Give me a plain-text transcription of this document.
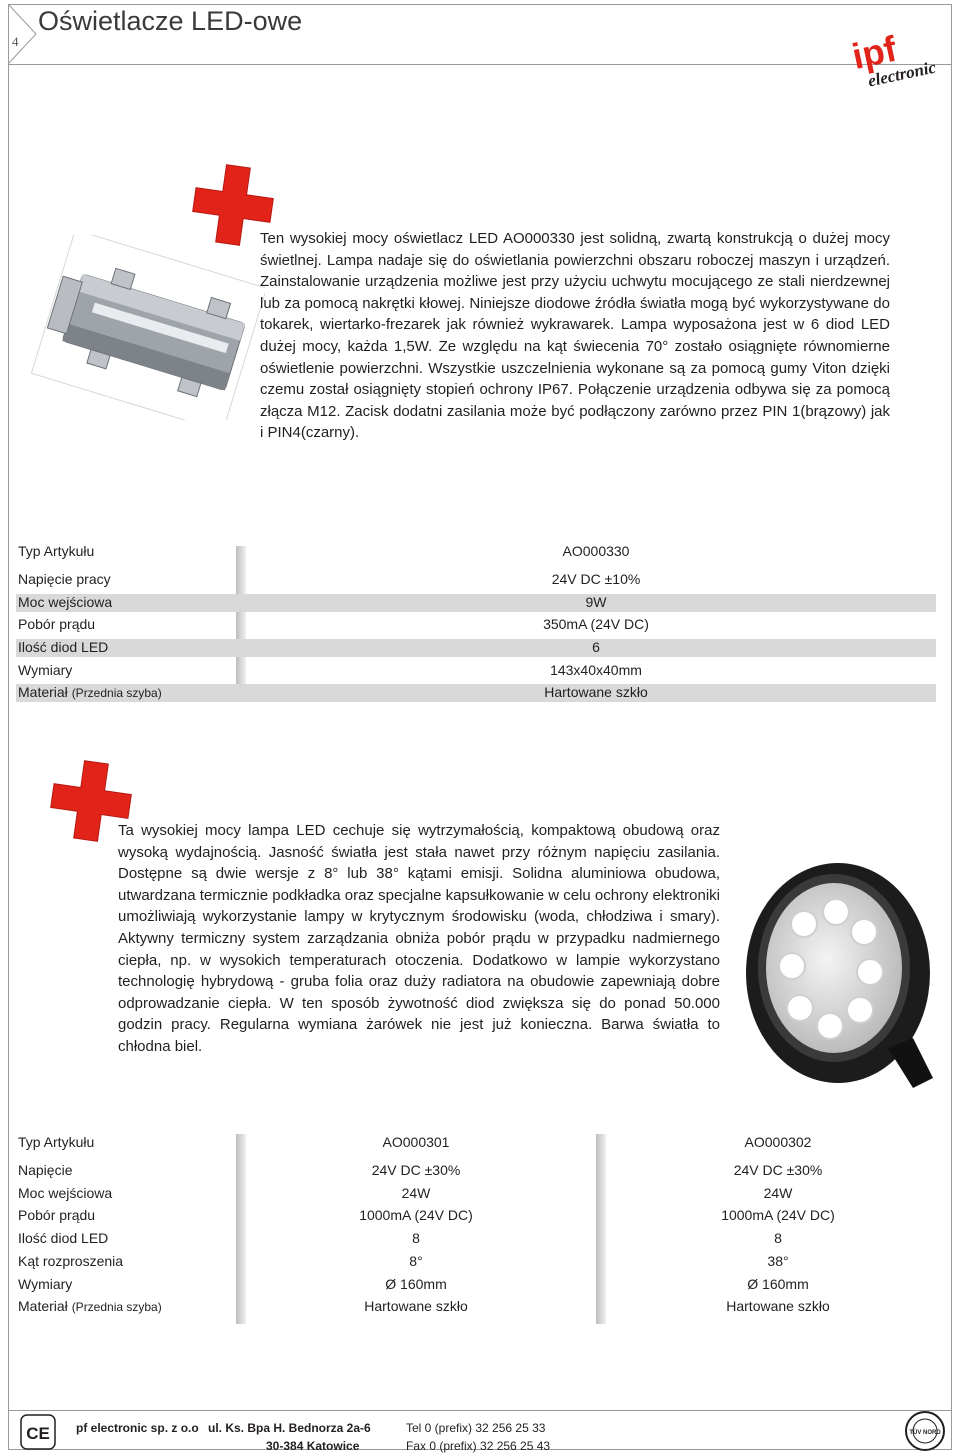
4
Oświetlacze LED-owe
ipf
electronic
Ten wysokiej mocy oświetlacz LED AO000330 jest solidną, zwartą konstrukcją o dużej mocy świetlnej. Lampa nadaje się do oświetlania powierzchni obszaru roboczej maszyn i urządzeń. Zainstalowanie urządzenia możliwe jest przy użyciu uchwytu mocującego ze stali nierdzewnej lub za pomocą nakrętki kłowej. Niniejsze diodowe źródła światła mogą być wykorzystywane do tokarek, wiertarko-frezarek jak również wykrawarek. Lampa wyposażona jest w 6 diod LED dużej mocy, każda 1,5W. Ze względu na kąt świecenia 70° zostało osiągnięte równomierne oświetlenie powierzchni. Wszystkie uszczelnienia wykonane są za pomocą gumy Viton dzięki czemu został osiągnięty stopień ochrony IP67. Połączenie urządzenia odbywa się za pomocą złącza M12. Zacisk dodatni zasilania może być podłączony zarówno przez PIN 1(brązowy) jak i PIN4(czarny).
Typ Artykułu	AO000330
Napięcie pracy	24V DC ±10%
Moc wejściowa	9W
Pobór prądu	350mA (24V DC)
Ilość diod LED	6
Wymiary	143x40x40mm
Materiał (Przednia szyba)	Hartowane szkło
Ta wysokiej mocy lampa LED cechuje się wytrzymałością, kompaktową obudową oraz wysoką wydajnością. Jasność światła jest stała nawet przy różnym napięciu zasilania. Dostępne są dwie wersje z 8° lub 38° kątami emisji. Solidna aluminiowa obudowa, utwardzana termicznie podkładka oraz specjalne kapsułkowanie w celu ochrony elektroniki umożliwiają wykorzystanie lampy w krytycznym środowisku (woda, chłodziwa i smary). Aktywny termiczny system zarządzania obniża pobór prądu w przypadku nadmiernego ciepła, np. w wysokich temperaturach otoczenia. Dodatkowo w lampie wykorzystano technologię hybrydową - gruba folia oraz duży radiatora na obudowie zapewniają dobre odprowadzanie ciepła. W ten sposób żywotność diod zwiększa się do ponad 50.000 godzin pracy. Regularna wymiana żarówek nie jest już konieczna. Barwa światła to chłodna biel.
Typ Artykułu	AO000301	AO000302
Napięcie	24V DC ±30%	24V DC ±30%
Moc wejściowa	24W	24W
Pobór prądu	1000mA (24V DC)	1000mA (24V DC)
Ilość diod LED	8	8
Kąt rozproszenia	8°	38°
Wymiary	Ø 160mm	Ø 160mm
Materiał (Przednia szyba)	Hartowane szkło	Hartowane szkło
CE pf electronic sp. z o.o ul. Ks. Bpa H. Bednorza 2a-6
30-384 Katowice
Tel 0 (prefix) 32 256 25 33
Fax 0 (prefix) 32 256 25 43
TÜV NORD
